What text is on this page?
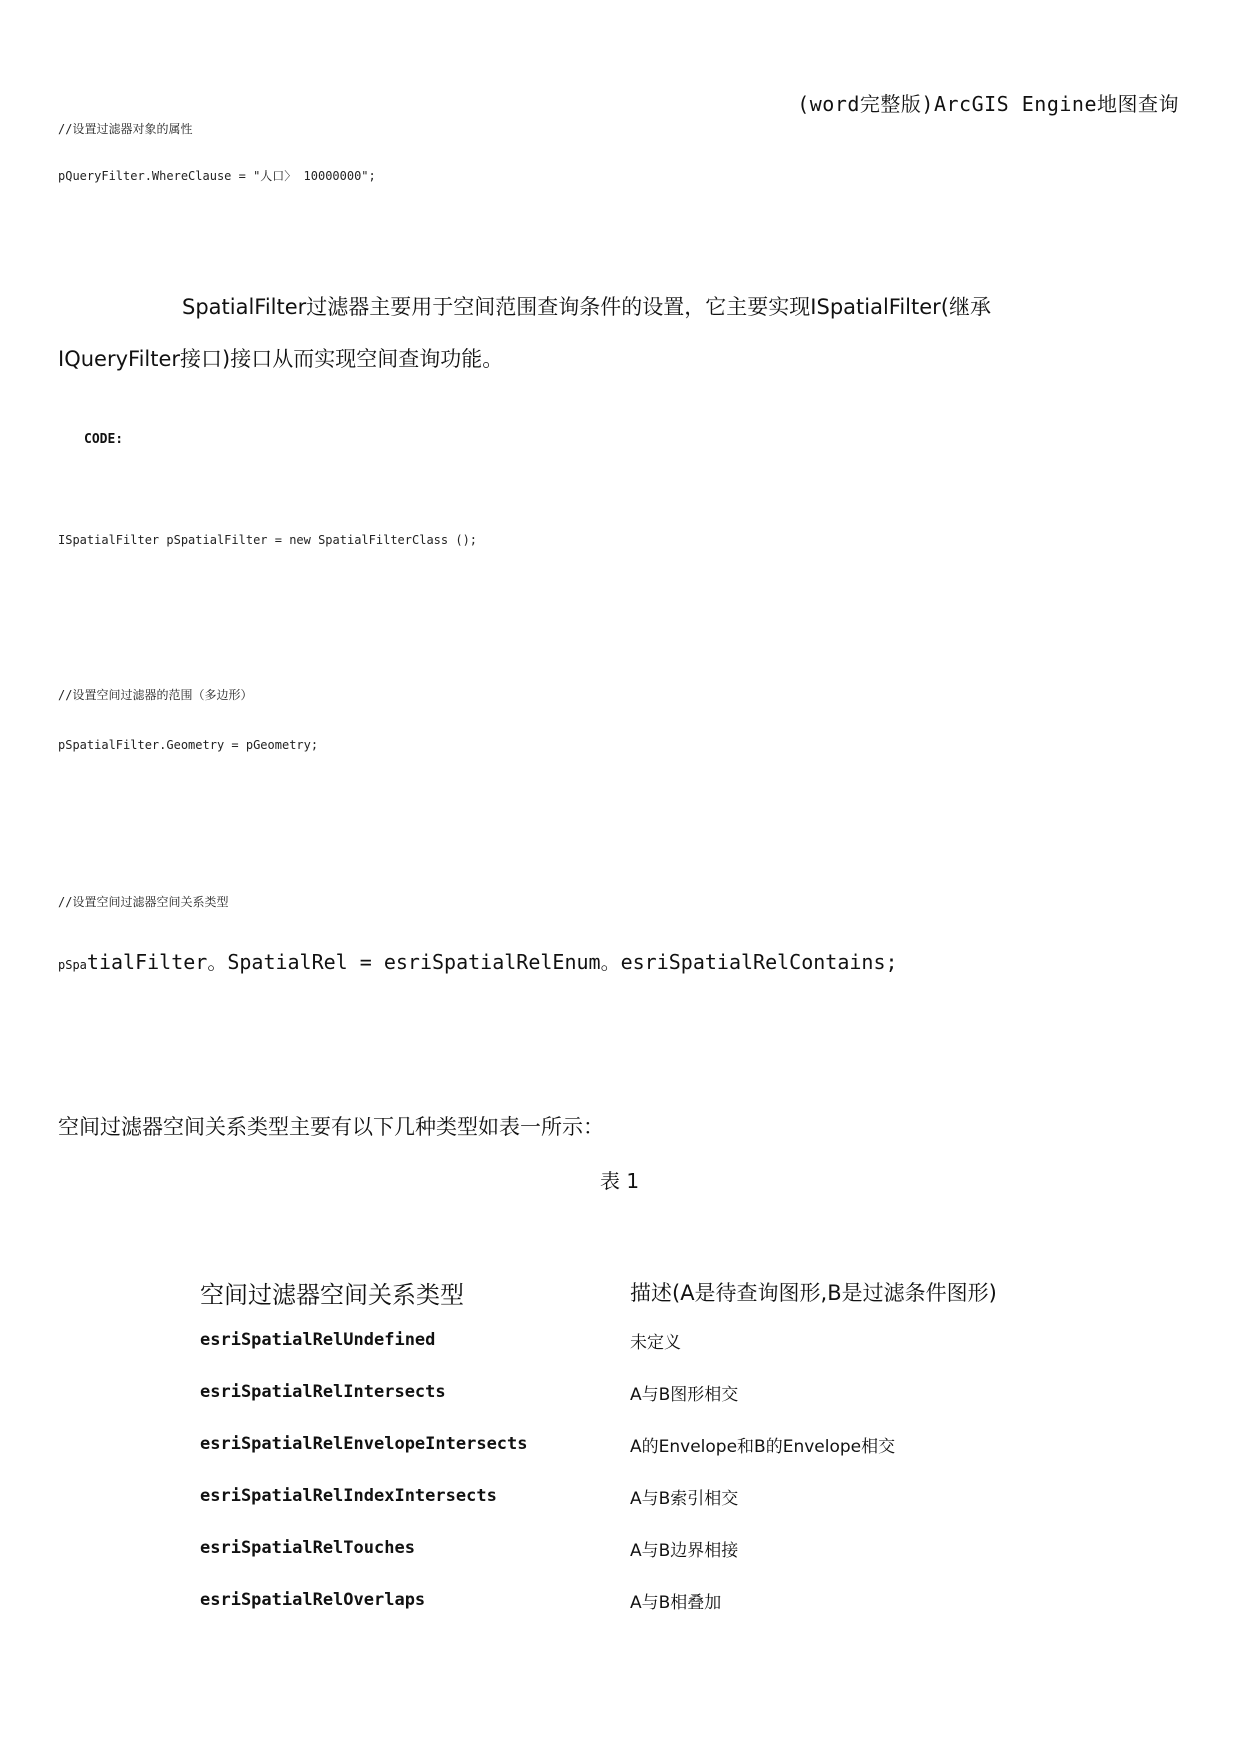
(word完整版)ArcGIS Engine地图查询
//设置过滤器对象的属性
pQueryFilter.WhereClause = "人口〉 10000000";
SpatialFilter过滤器主要用于空间范围查询条件的设置，它主要实现ISpatialFilter(继承
IQueryFilter接口)接口从而实现空间查询功能。
CODE:
ISpatialFilter pSpatialFilter = new SpatialFilterClass ();
//设置空间过滤器的范围（多边形）
pSpatialFilter.Geometry = pGeometry;
//设置空间过滤器空间关系类型
pSpatialFilter。SpatialRel = esriSpatialRelEnum。esriSpatialRelContains;
空间过滤器空间关系类型主要有以下几种类型如表一所示：
表 1
空间过滤器空间关系类型	描述(A是待查询图形,B是过滤条件图形)
esriSpatialRelUndefined	未定义
esriSpatialRelIntersects	A与B图形相交
esriSpatialRelEnvelopeIntersects	A的Envelope和B的Envelope相交
esriSpatialRelIndexIntersects	A与B索引相交
esriSpatialRelTouches	A与B边界相接
esriSpatialRelOverlaps	A与B相叠加
